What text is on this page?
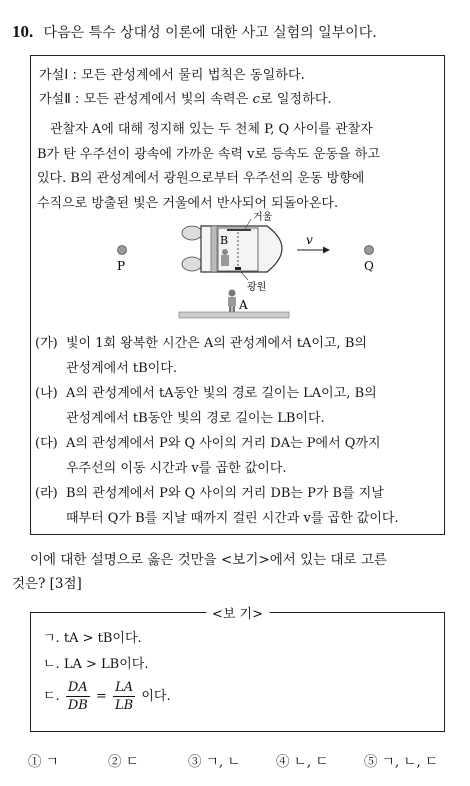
10. 다음은 특수 상대성 이론에 대한 사고 실험의 일부이다.
가설Ⅰ : 모든 관성계에서 물리 법칙은 동일하다.
가설Ⅱ : 모든 관성계에서 빛의 속력은 c로 일정하다.
관찰자 A에 대해 정지해 있는 두 천체 P, Q 사이를 관찰자
B가 탄 우주선이 광속에 가까운 속력 v로 등속도 운동을 하고
있다. B의 관성계에서 광원으로부터 우주선의 운동 방향에
수직으로 방출된 빛은 거울에서 반사되어 되돌아온다.
P	Q
B
거울
광원
v
A
(가) 빛이 1회 왕복한 시간은 A의 관성계에서 tA이고, B의
관성계에서 tB이다.
(나) A의 관성계에서 tA동안 빛의 경로 길이는 LA이고, B의
관성계에서 tB동안 빛의 경로 길이는 LB이다.
(다) A의 관성계에서 P와 Q 사이의 거리 DA는 P에서 Q까지
우주선의 이동 시간과 v를 곱한 값이다.
(라) B의 관성계에서 P와 Q 사이의 거리 DB는 P가 B를 지날
때부터 Q가 B를 지날 때까지 걸린 시간과 v를 곱한 값이다.
이에 대한 설명으로 옳은 것만을 <보기>에서 있는 대로 고른
것은? [3점]
<보 기>
ㄱ. tA > tB이다.
ㄴ. LA > LB이다.
ㄷ. $\frac{DA}{DB} = \frac{LA}{LB}$ 이다.
① ㄱ	② ㄷ	③ ㄱ, ㄴ	④ ㄴ, ㄷ	⑤ ㄱ, ㄴ, ㄷ
